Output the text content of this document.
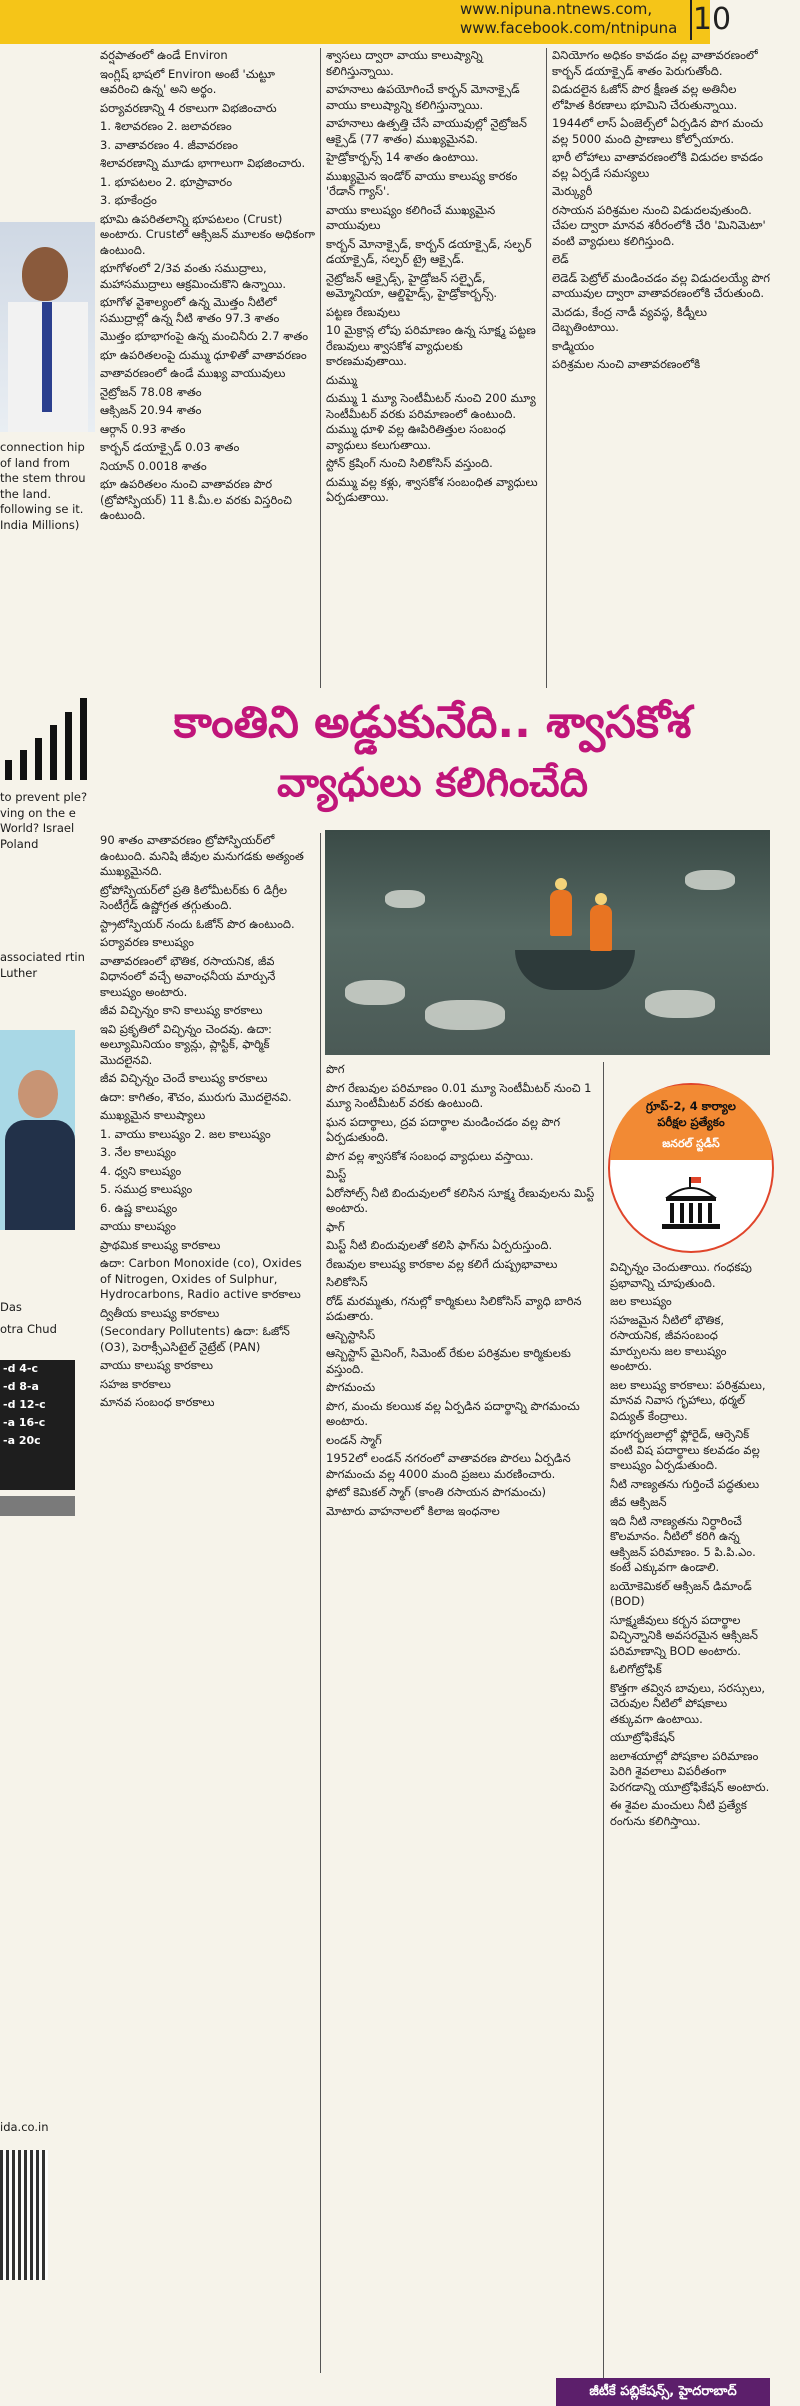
www.nipuna.ntnews.com,
www.facebook.com/ntnipuna 10
connection hip of land from the stem throu the land. following se it. India Millions)
to prevent ple? ving on the e World? Israel Poland
associated rtin Luther
Das
otra Chud
-d 4-c
-d 8-a
-d 12-c
-a 16-c
-a 20c
ida.co.in

వర్షపాతంలో ఉండే Environ

ఇంగ్లిష్ భాషలో Environ అంటే 'చుట్టూ ఆవరించి ఉన్న' అని అర్థం.

పర్యావరణాన్ని 4 రకాలుగా విభజించారు

1. శిలావరణం 2. జలావరణం

3. వాతావరణం 4. జీవావరణం

శిలావరణాన్ని మూడు భాగాలుగా విభజించారు.

1. భూపటలం 2. భూప్రావారం

3. భూకేంద్రం

భూమి ఉపరితలాన్ని భూపటలం (Crust) అంటారు. Crustలో ఆక్సిజన్ మూలకం అధికంగా ఉంటుంది.

భూగోళంలో 2/3వ వంతు సముద్రాలు, మహాసముద్రాలు ఆక్రమించుకొని ఉన్నాయి.

భూగోళ వైశాల్యంలో ఉన్న మొత్తం నీటిలో సముద్రాల్లో ఉన్న నీటి శాతం 97.3 శాతం

మొత్తం భూభాగంపై ఉన్న మంచినీరు 2.7 శాతం

భూ ఉపరితలంపై దుమ్ము ధూళితో వాతావరణం

వాతావరణంలో ఉండే ముఖ్య వాయువులు

నైట్రోజన్ 78.08 శాతం

ఆక్సిజన్ 20.94 శాతం

ఆర్గాన్ 0.93 శాతం

కార్బన్ డయాక్సైడ్ 0.03 శాతం

నియాన్ 0.0018 శాతం

భూ ఉపరితలం నుంచి వాతావరణ పొర (ట్రోపోస్ఫియర్) 11 కి.మీ.ల వరకు విస్తరించి ఉంటుంది.

శ్వాసలు ద్వారా వాయు కాలుష్యాన్ని కలిగిస్తున్నాయి.

వాహనాలు ఉపయోగించే కార్బన్ మోనాక్సైడ్ వాయు కాలుష్యాన్ని కలిగిస్తున్నాయి.

వాహనాలు ఉత్పత్తి చేసే వాయువుల్లో నైట్రోజన్ ఆక్సైడ్ (77 శాతం) ముఖ్యమైనవి.

హైడ్రోకార్బన్స్ 14 శాతం ఉంటాయి.

ముఖ్యమైన ఇండోర్ వాయు కాలుష్య కారకం 'రేడాన్ గ్యాస్'.

వాయు కాలుష్యం కలిగించే ముఖ్యమైన వాయువులు

కార్బన్ మోనాక్సైడ్, కార్బన్ డయాక్సైడ్, సల్ఫర్ డయాక్సైడ్, సల్ఫర్ ట్రై ఆక్సైడ్.

నైట్రోజన్ ఆక్సైడ్స్, హైడ్రోజన్ సల్ఫైడ్, అమ్మోనియా, ఆల్డిహైడ్స్, హైడ్రోకార్బన్స్.

పట్టణ రేణువులు

10 మైక్రాన్ల లోపు పరిమాణం ఉన్న సూక్ష్మ పట్టణ రేణువులు శ్వాసకోశ వ్యాధులకు కారణమవుతాయి.

దుమ్ము

దుమ్ము 1 మ్యూ సెంటీమీటర్ నుంచి 200 మ్యూ సెంటీమీటర్ వరకు పరిమాణంలో ఉంటుంది. దుమ్ము ధూళి వల్ల ఊపిరితిత్తుల సంబంధ వ్యాధులు కలుగుతాయి.

స్టోన్ క్రషింగ్ నుంచి సిలికోసిస్ వస్తుంది.

దుమ్ము వల్ల కళ్లు, శ్వాసకోశ సంబంధిత వ్యాధులు ఏర్పడుతాయి.

వినియోగం అధికం కావడం వల్ల వాతావరణంలో కార్బన్ డయాక్సైడ్ శాతం పెరుగుతోంది.

విడుదలైన ఓజోన్ పొర క్షీణత వల్ల అతినీల లోహిత కిరణాలు భూమిని చేరుతున్నాయి.

1944లో లాస్ ఏంజెల్స్‌లో ఏర్పడిన పొగ మంచు వల్ల 5000 మంది ప్రాణాలు కోల్పోయారు.

భారీ లోహాలు వాతావరణంలోకి విడుదల కావడం వల్ల ఏర్పడే సమస్యలు

మెర్క్యురీ

రసాయన పరిశ్రమల నుంచి విడుదలవుతుంది. చేపల ద్వారా మానవ శరీరంలోకి చేరి 'మినిమెటా' వంటి వ్యాధులు కలిగిస్తుంది.

లెడ్

లెడెడ్ పెట్రోల్ మండించడం వల్ల విడుదలయ్యే పొగ వాయువుల ద్వారా వాతావరణంలోకి చేరుతుంది.

మెదడు, కేంద్ర నాడీ వ్యవస్థ, కిడ్నీలు దెబ్బతింటాయి.

కాడ్మియం

పరిశ్రమల నుంచి వాతావరణంలోకి

కాంతిని అడ్డుకునేది.. శ్వాసకోశ
వ్యాధులు కలిగించేది

90 శాతం వాతావరణం ట్రోపోస్ఫియర్‌లో ఉంటుంది. మనిషి జీవుల మనుగడకు అత్యంత ముఖ్యమైనది.

ట్రోపోస్ఫియర్‌లో ప్రతి కిలోమీటర్‌కు 6 డిగ్రీల సెంటీగ్రేడ్ ఉష్ణోగ్రత తగ్గుతుంది.

స్ట్రాటోస్ఫియర్ నందు ఓజోన్ పొర ఉంటుంది.

పర్యావరణ కాలుష్యం

వాతావరణంలో భౌతిక, రసాయనిక, జీవ విధానంలో వచ్చే అవాంఛనీయ మార్పునే కాలుష్యం అంటారు.

జీవ విచ్ఛిన్నం కాని కాలుష్య కారకాలు

ఇవి ప్రకృతిలో విచ్ఛిన్నం చెందవు. ఉదా: అల్యూమినియం క్యాన్లు, ప్లాస్టిక్, ఫార్మిక్ మొదలైనవి.

జీవ విచ్ఛిన్నం చెందే కాలుష్య కారకాలు

ఉదా: కాగితం, శౌచం, మురుగు మొదలైనవి.

ముఖ్యమైన కాలుష్యాలు

1. వాయు కాలుష్యం 2. జల కాలుష్యం

3. నేల కాలుష్యం

4. ధ్వని కాలుష్యం

5. సముద్ర కాలుష్యం

6. ఉష్ణ కాలుష్యం

వాయు కాలుష్యం

ప్రాథమిక కాలుష్య కారకాలు

ఉదా: Carbon Monoxide (co), Oxides of Nitrogen, Oxides of Sulphur, Hydrocarbons, Radio active కారకాలు

ద్వితీయ కాలుష్య కారకాలు

(Secondary Pollutents) ఉదా: ఓజోన్ (O3), పెరాక్సీఎసిటైల్ నైట్రేట్ (PAN)

వాయు కాలుష్య కారకాలు

సహజ కారకాలు

మానవ సంబంధ కారకాలు

పొగ

పొగ రేణువుల పరిమాణం 0.01 మ్యూ సెంటీమీటర్ నుంచి 1 మ్యూ సెంటీమీటర్ వరకు ఉంటుంది.

ఘన పదార్థాలు, ద్రవ పదార్థాల మండించడం వల్ల పొగ ఏర్పడుతుంది.

పొగ వల్ల శ్వాసకోశ సంబంధ వ్యాధులు వస్తాయి.

మిస్ట్

ఏరోసోల్స్ నీటి బిందువులలో కలిసిన సూక్ష్మ రేణువులను మిస్ట్ అంటారు.

ఫాగ్

మిస్ట్ నీటి బిందువులతో కలిసి ఫాగ్‌ను ఏర్పరుస్తుంది.

రేణువుల కాలుష్య కారకాల వల్ల కలిగే దుష్ప్రభావాలు

సిలికోసిస్

రోడ్ మరమ్మతు, గనుల్లో కార్మికులు సిలికోసిస్ వ్యాధి బారిన పడుతారు.

ఆస్బెస్టాసిస్

ఆస్బెస్టాస్ మైనింగ్, సిమెంట్ రేకుల పరిశ్రమల కార్మికులకు వస్తుంది.

పొగమంచు

పొగ, మంచు కలయిక వల్ల ఏర్పడిన పదార్థాన్ని పొగమంచు అంటారు.

లండన్ స్మాగ్

1952లో లండన్ నగరంలో వాతావరణ పొరలు ఏర్పడిన పొగమంచు వల్ల 4000 మంది ప్రజలు మరణించారు.

ఫోటో కెమికల్ స్మాగ్ (కాంతి రసాయన పొగమంచు)

మోటారు వాహనాలలో కిలాజ ఇంధనాల

గ్రూప్-2, 4 కార్యాల
పరీక్షల ప్రత్యేకం
జనరల్ స్టడీస్

విచ్ఛిన్నం చెందుతాయి. గంధకపు ప్రభావాన్ని చూపుతుంది.

జల కాలుష్యం

సహజమైన నీటిలో భౌతిక, రసాయనిక, జీవసంబంధ మార్పులను జల కాలుష్యం అంటారు.

జల కాలుష్య కారకాలు: పరిశ్రమలు, మానవ నివాస గృహాలు, థర్మల్ విద్యుత్ కేంద్రాలు.

భూగర్భజలాల్లో ఫ్లోరైడ్, ఆర్సెనిక్ వంటి విష పదార్థాలు కలవడం వల్ల కాలుష్యం ఏర్పడుతుంది.

నీటి నాణ్యతను గుర్తించే పద్ధతులు

జీవ ఆక్సిజన్

ఇది నీటి నాణ్యతను నిర్ధారించే కొలమానం. నీటిలో కరిగి ఉన్న ఆక్సిజన్ పరిమాణం. 5 పి.పి.ఎం. కంటే ఎక్కువగా ఉండాలి.

బయోకెమికల్ ఆక్సిజన్ డిమాండ్ (BOD)

సూక్ష్మజీవులు కర్బన పదార్థాల విచ్ఛిన్నానికి అవసరమైన ఆక్సిజన్ పరిమాణాన్ని BOD అంటారు.

ఓలిగోట్రోఫిక్

కొత్తగా తవ్విన బావులు, సరస్సులు, చెరువుల నీటిలో పోషకాలు తక్కువగా ఉంటాయి.

యూట్రోఫికేషన్

జలాశయాల్లో పోషకాల పరిమాణం పెరిగి శైవలాలు విపరీతంగా పెరగడాన్ని యూట్రోఫికేషన్ అంటారు.

ఈ శైవల మంచులు నీటి ప్రత్యేక రంగును కలిగిస్తాయి.

జీటీకే పబ్లికేషన్స్, హైదరాబాద్
